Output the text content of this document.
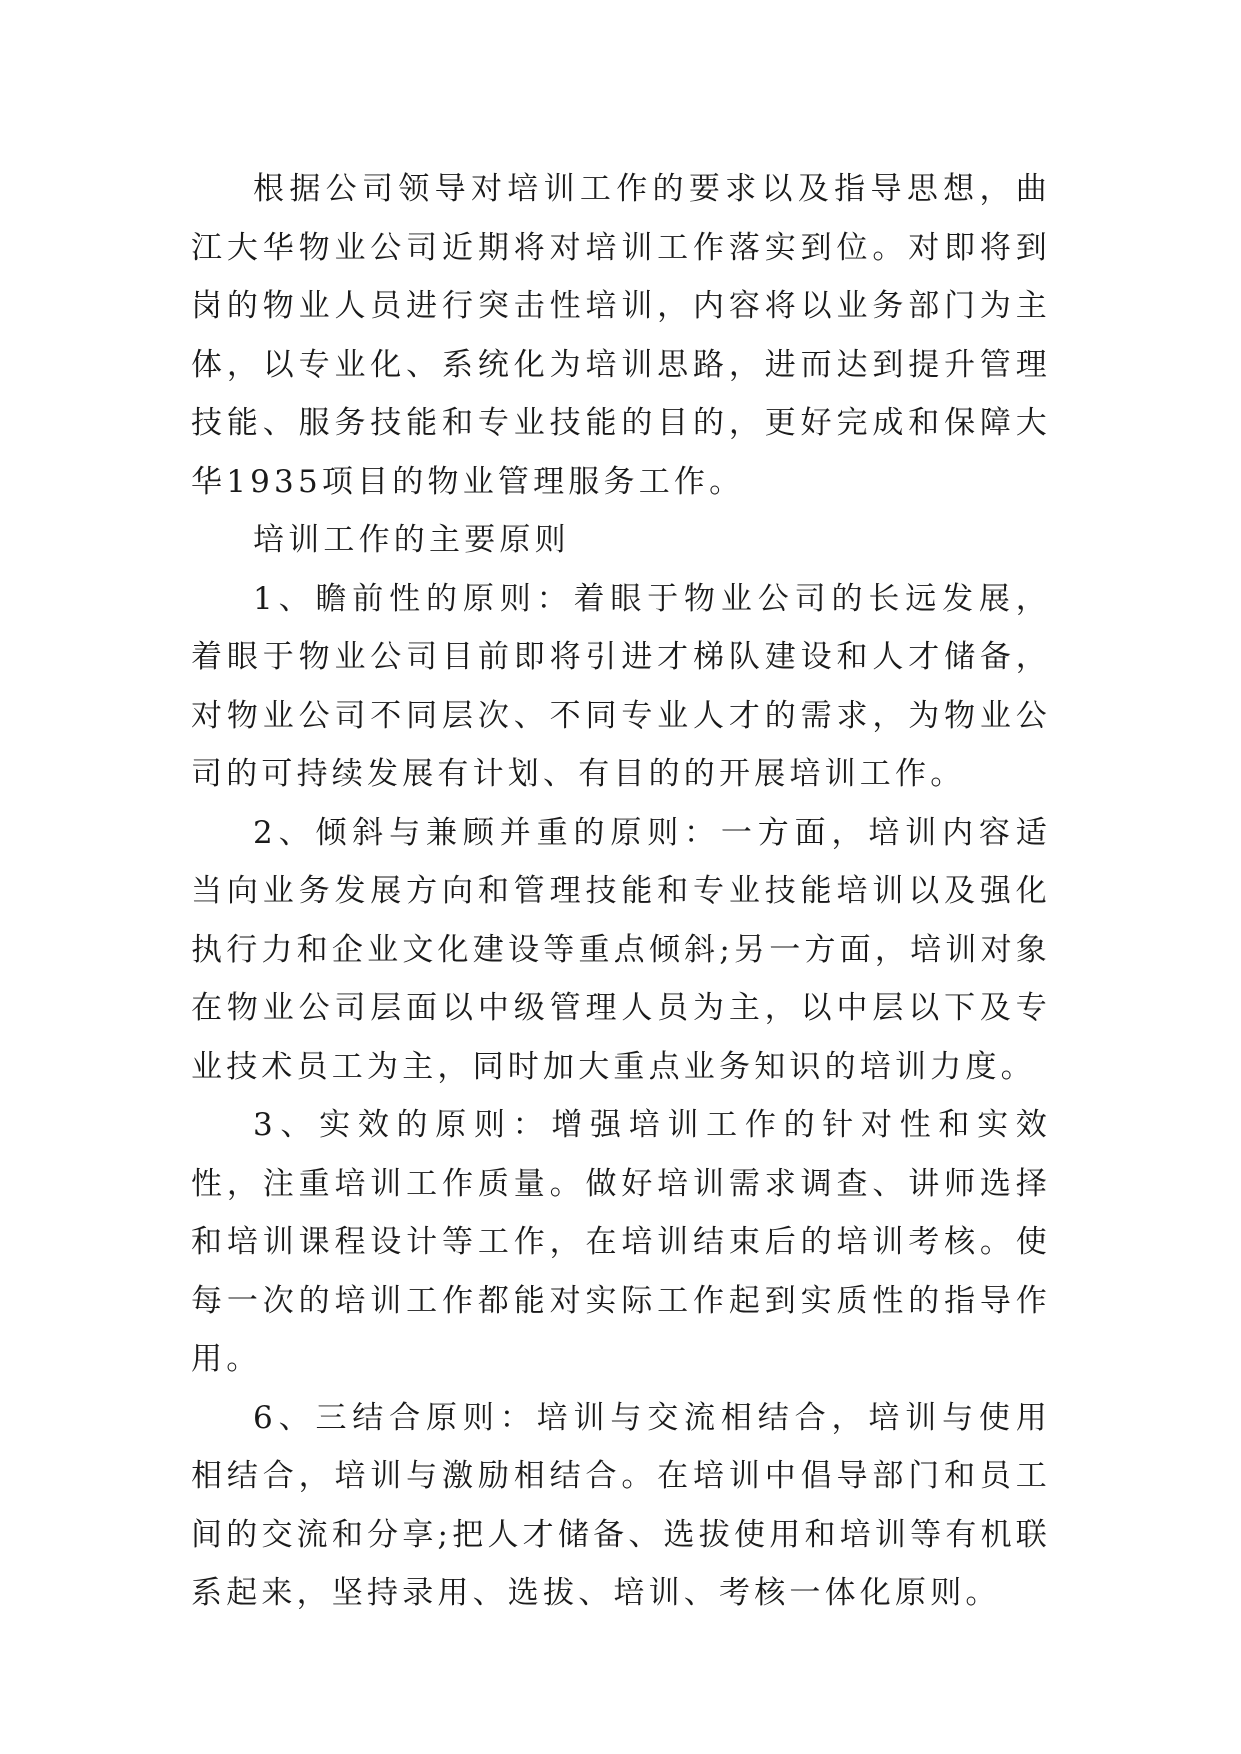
根据公司领导对培训工作的要求以及指导思想，曲江大华物业公司近期将对培训工作落实到位。对即将到岗的物业人员进行突击性培训，内容将以业务部门为主体，以专业化、系统化为培训思路，进而达到提升管理技能、服务技能和专业技能的目的，更好完成和保障大华1935项目的物业管理服务工作。

培训工作的主要原则

1、瞻前性的原则：着眼于物业公司的长远发展，着眼于物业公司目前即将引进才梯队建设和人才储备，对物业公司不同层次、不同专业人才的需求，为物业公司的可持续发展有计划、有目的的开展培训工作。

2、倾斜与兼顾并重的原则：一方面，培训内容适当向业务发展方向和管理技能和专业技能培训以及强化执行力和企业文化建设等重点倾斜;另一方面，培训对象在物业公司层面以中级管理人员为主，以中层以下及专业技术员工为主，同时加大重点业务知识的培训力度。

3、实效的原则：增强培训工作的针对性和实效性，注重培训工作质量。做好培训需求调查、讲师选择和培训课程设计等工作，在培训结束后的培训考核。使每一次的培训工作都能对实际工作起到实质性的指导作用。

6、三结合原则：培训与交流相结合，培训与使用相结合，培训与激励相结合。在培训中倡导部门和员工间的交流和分享;把人才储备、选拔使用和培训等有机联系起来，坚持录用、选拔、培训、考核一体化原则。
